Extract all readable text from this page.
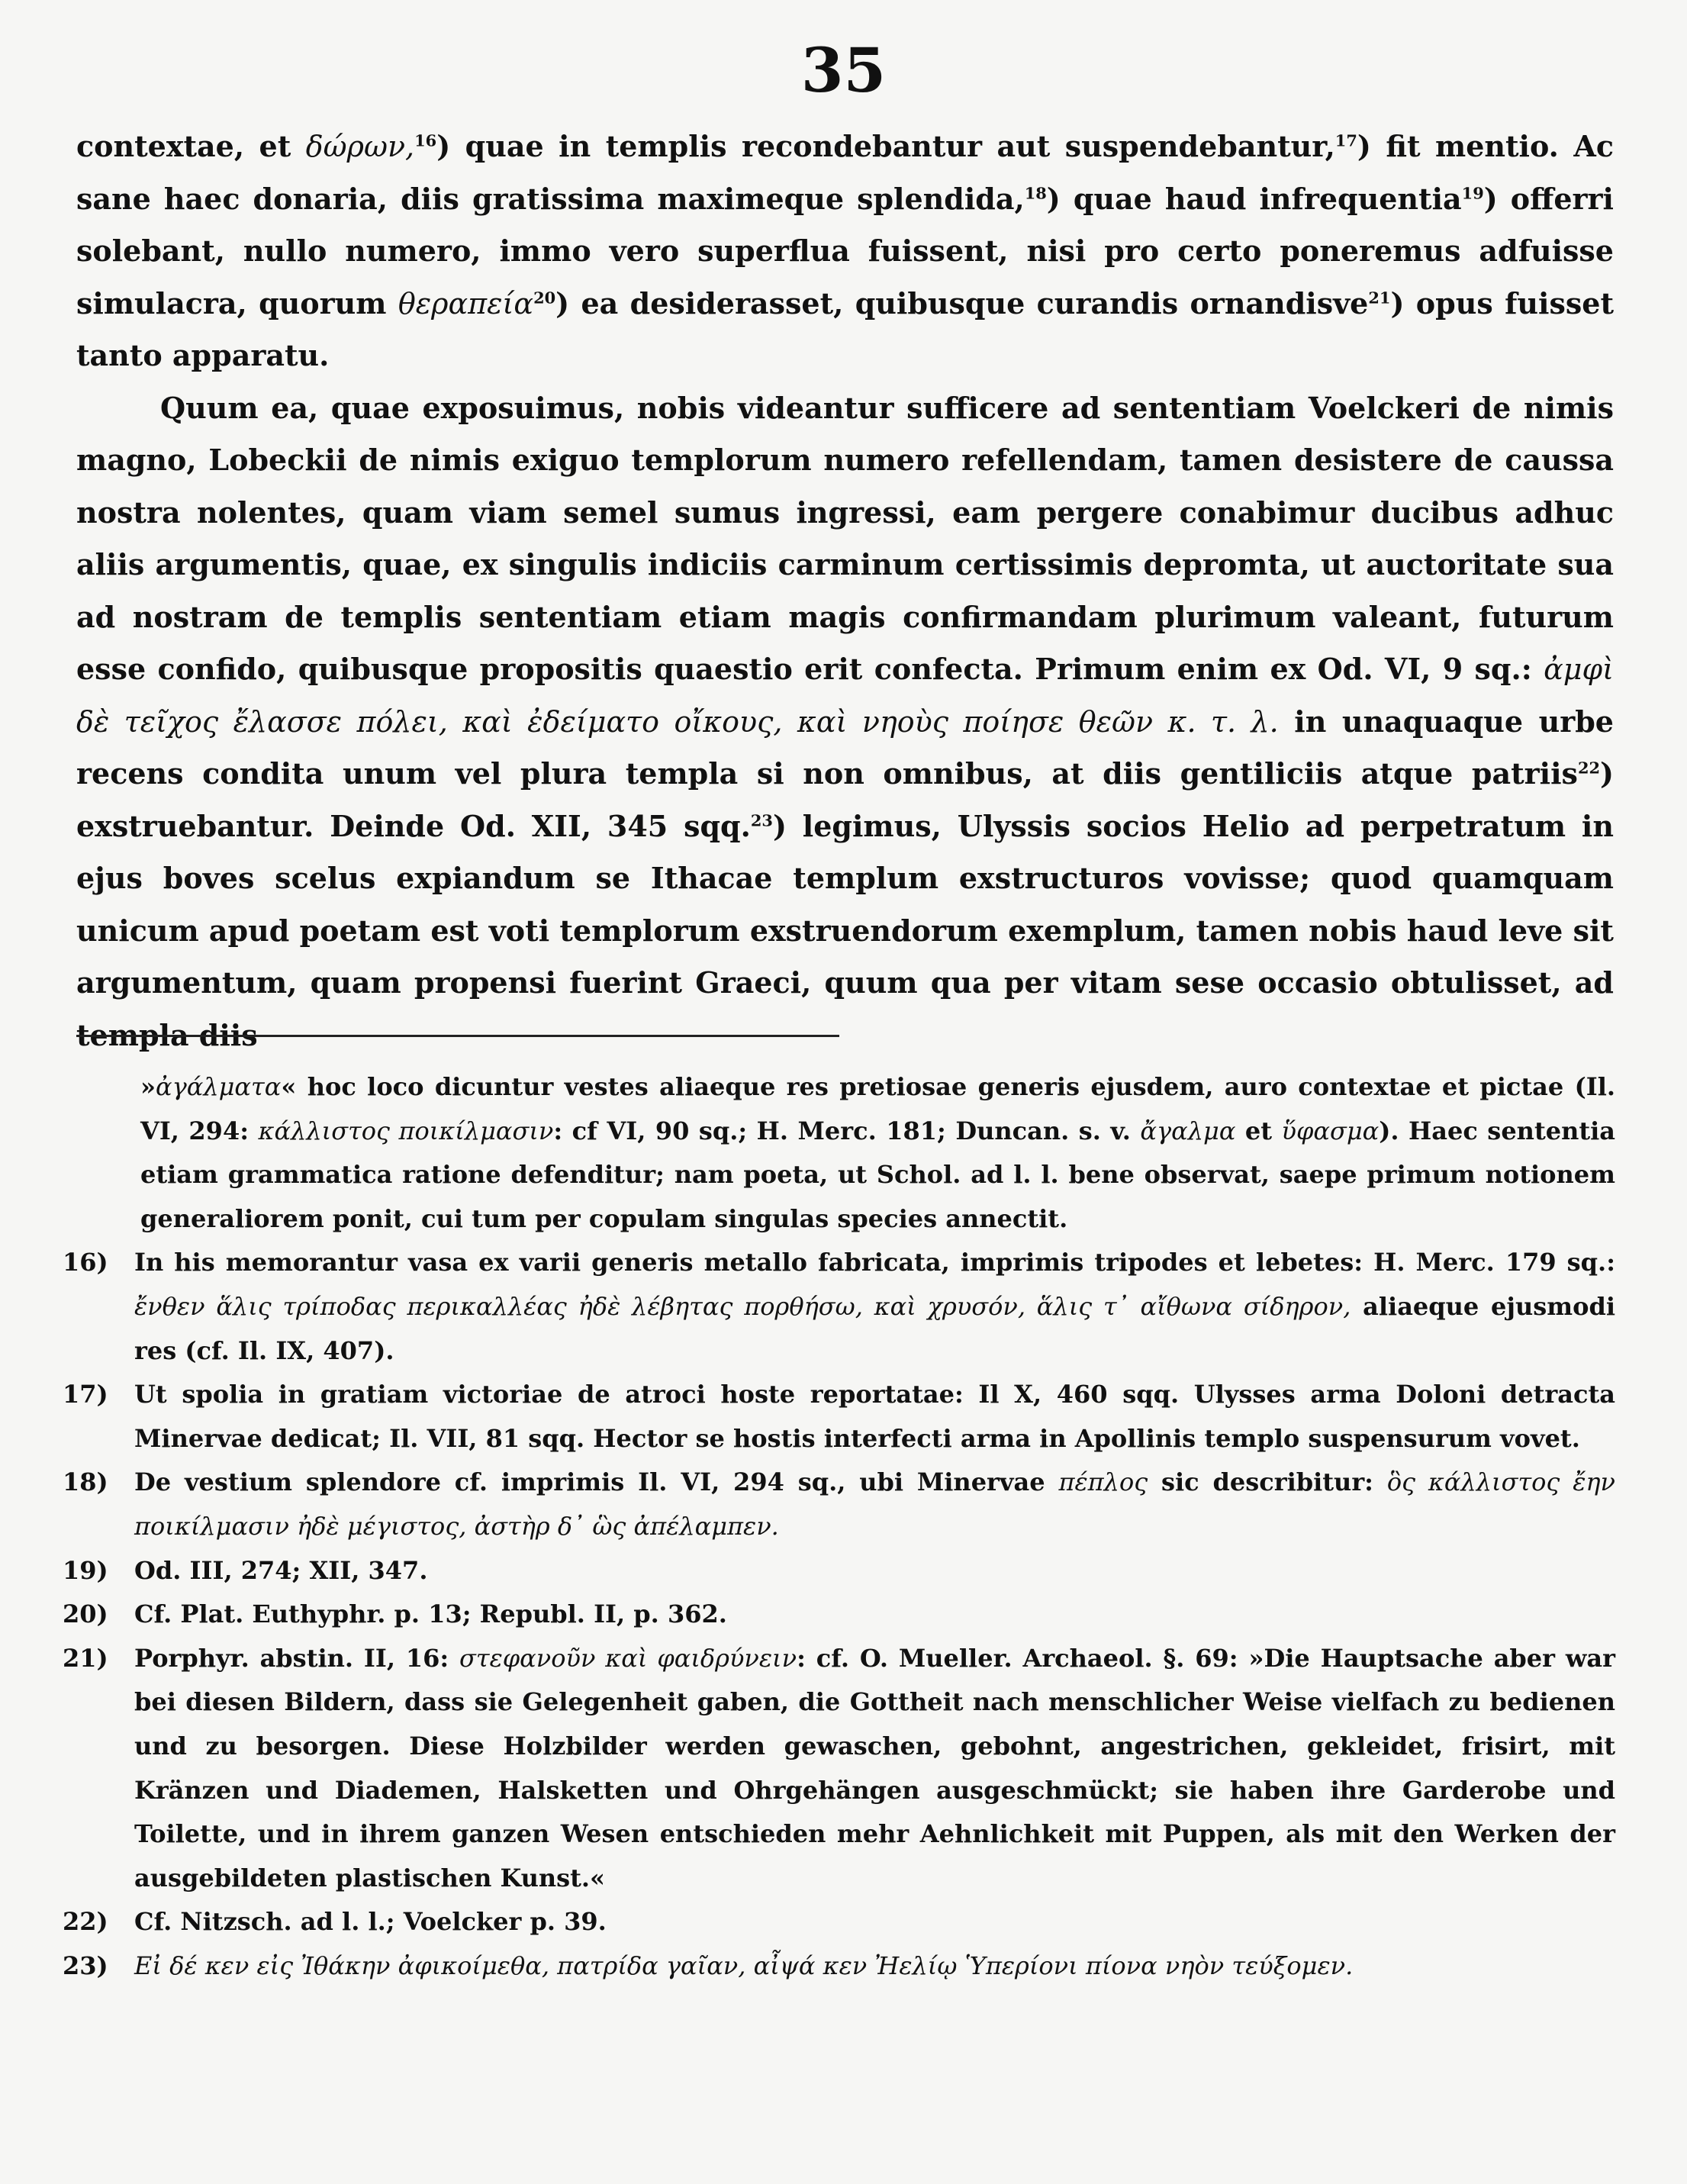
35

contextae, et δώρων,$^{16}$) quae in templis recondebantur aut suspendebantur,$^{17}$) fit mentio. Ac sane haec donaria, diis gratissima maximeque splendida,$^{18}$) quae haud infrequentia$^{19}$) offerri solebant, nullo numero, immo vero superflua fuissent, nisi pro certo poneremus adfuisse simulacra, quorum θεραπεία$^{20}$) ea desiderasset, quibusque curandis ornandisve$^{21}$) opus fuisset tanto apparatu.

Quum ea, quae exposuimus, nobis videantur sufficere ad sententiam Voelckeri de nimis magno, Lobeckii de nimis exiguo templorum numero refellendam, tamen desistere de caussa nostra nolentes, quam viam semel sumus ingressi, eam pergere conabimur ducibus adhuc aliis argumentis, quae, ex singulis indiciis carminum certissimis depromta, ut auctoritate sua ad nostram de templis sententiam etiam magis confirmandam plurimum valeant, futurum esse confido, quibusque propositis quaestio erit confecta. Primum enim ex Od. VI, 9 sq.: ἀμφὶ δὲ τεῖχος ἔλασσε πόλει, καὶ ἐδείματο οἴκους, καὶ νηοὺς ποίησε θεῶν κ. τ. λ. in unaquaque urbe recens condita unum vel plura templa si non omnibus, at diis gentiliciis atque patriis$^{22}$) exstruebantur. Deinde Od. XII, 345 sqq.$^{23}$) legimus, Ulyssis socios Helio ad perpetratum in ejus boves scelus expiandum se Ithacae templum exstructuros vovisse; quod quamquam unicum apud poetam est voti templorum exstruendorum exemplum, tamen nobis haud leve sit argumentum, quam propensi fuerint Graeci, quum qua per vitam sese occasio obtulisset, ad templa diis

»ἀγάλματα« hoc loco dicuntur vestes aliaeque res pretiosae generis ejusdem, auro contextae et pictae (Il. VI, 294: κάλλιστος ποικίλμασιν: cf VI, 90 sq.; H. Merc. 181; Duncan. s. v. ἄγαλμα et ὕφασμα). Haec sententia etiam grammatica ratione defenditur; nam poeta, ut Schol. ad l. l. bene observat, saepe primum notionem generaliorem ponit, cui tum per copulam singulas species annectit.
16) In his memorantur vasa ex varii generis metallo fabricata, imprimis tripodes et lebetes: H. Merc. 179 sq.: ἔνθεν ἅλις τρίποδας περικαλλέας ἠδὲ λέβητας πορθήσω, καὶ χρυσόν, ἅλις τ᾽ αἴθωνα σίδηρον, aliaeque ejusmodi res (cf. Il. IX, 407).
17) Ut spolia in gratiam victoriae de atroci hoste reportatae: Il X, 460 sqq. Ulysses arma Doloni detracta Minervae dedicat; Il. VII, 81 sqq. Hector se hostis interfecti arma in Apollinis templo suspensurum vovet.
18) De vestium splendore cf. imprimis Il. VI, 294 sq., ubi Minervae πέπλος sic describitur: ὃς κάλλιστος ἔην ποικίλμασιν ἠδὲ μέγιστος, ἀστὴρ δ᾽ ὣς ἀπέλαμπεν.
19) Od. III, 274; XII, 347.
20) Cf. Plat. Euthyphr. p. 13; Republ. II, p. 362.
21) Porphyr. abstin. II, 16: στεφανοῦν καὶ φαιδρύνειν: cf. O. Mueller. Archaeol. §. 69: »Die Hauptsache aber war bei diesen Bildern, dass sie Gelegenheit gaben, die Gottheit nach menschlicher Weise vielfach zu bedienen und zu besorgen. Diese Holzbilder werden gewaschen, gebohnt, angestrichen, gekleidet, frisirt, mit Kränzen und Diademen, Halsketten und Ohrgehängen ausgeschmückt; sie haben ihre Garderobe und Toilette, und in ihrem ganzen Wesen entschieden mehr Aehnlichkeit mit Puppen, als mit den Werken der ausgebildeten plastischen Kunst.«
22) Cf. Nitzsch. ad l. l.; Voelcker p. 39.
23) Εἰ δέ κεν εἰς Ἰθάκην ἀφικοίμεθα, πατρίδα γαῖαν, αἶψά κεν Ἠελίῳ Ὑπερίονι πίονα νηὸν τεύξομεν.
